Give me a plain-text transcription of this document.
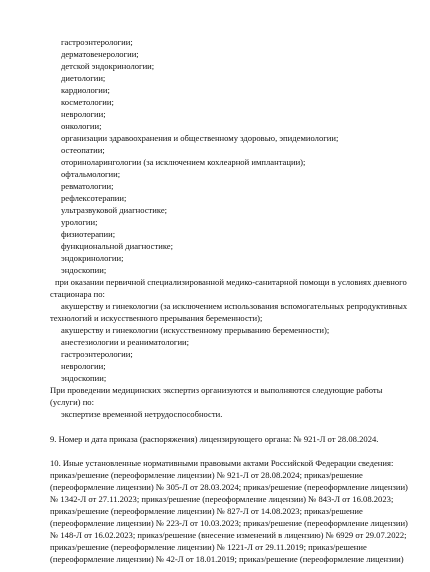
гастроэнтерологии;
дерматовенерологии;
детской эндокринологии;
диетологии;
кардиологии;
косметологии;
неврологии;
онкологии;
организации здравоохранения и общественному здоровью, эпидемиологии;
остеопатии;
оториноларингологии (за исключением кохлеарной имплантации);
офтальмологии;
ревматологии;
рефлексотерапии;
ультразвуковой диагностике;
урологии;
физиотерапии;
функциональной диагностике;
эндокринологии;
эндоскопии;
при оказании первичной специализированной медико-санитарной помощи в условиях дневного
стационара по:
акушерству и гинекологии (за исключением использования вспомогательных репродуктивных
технологий и искусственного прерывания беременности);
акушерству и гинекологии (искусственному прерыванию беременности);
анестезиологии и реаниматологии;
гастроэнтерологии;
неврологии;
эндоскопии;
При проведении медицинских экспертиз организуются и выполняются следующие работы
(услуги) по:
экспертизе временной нетрудоспособности.
9. Номер и дата приказа (распоряжения) лицензирующего органа: № 921-Л от 28.08.2024.
10. Иные установленные нормативными правовыми актами Российской Федерации сведения:
приказ/решение (переоформление лицензии) № 921-Л от 28.08.2024; приказ/решение
(переоформление лицензии) № 305-Л от 28.03.2024; приказ/решение (переоформление лицензии)
№ 1342-Л от 27.11.2023; приказ/решение (переоформление лицензии) № 843-Л от 16.08.2023;
приказ/решение (переоформление лицензии) № 827-Л от 14.08.2023; приказ/решение
(переоформление лицензии) № 223-Л от 10.03.2023; приказ/решение (переоформление лицензии)
№ 148-Л от 16.02.2023; приказ/решение (внесение изменений в лицензию) № 6929 от 29.07.2022;
приказ/решение (переоформление лицензии) № 1221-Л от 29.11.2019; приказ/решение
(переоформление лицензии) № 42-Л от 18.01.2019; приказ/решение (переоформление лицензии)
